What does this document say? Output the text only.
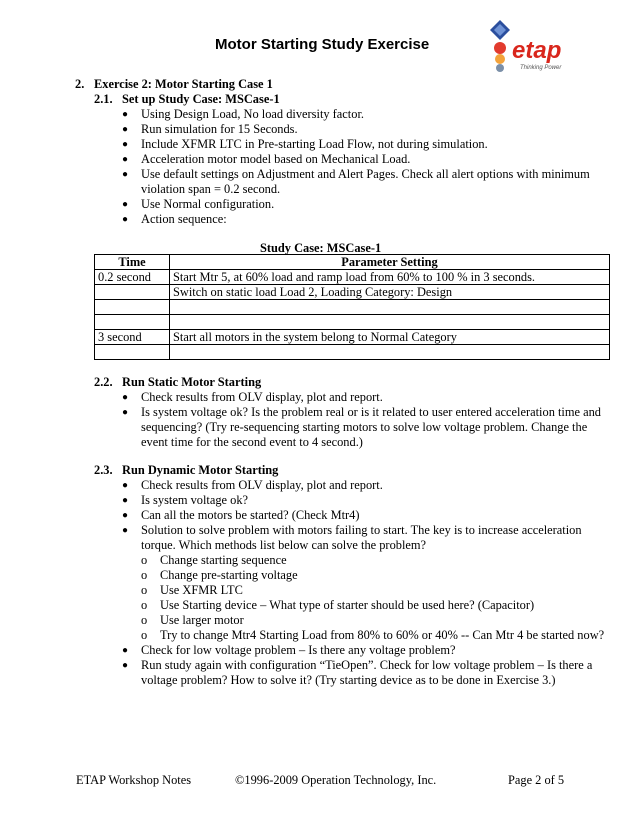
Motor Starting Study Exercise	etap
Thinking Power
2. Exercise 2: Motor Starting Case 1
2.1. Set up Study Case: MSCase-1
● Using Design Load, No load diversity factor.
● Run simulation for 15 Seconds.
● Include XFMR LTC in Pre-starting Load Flow, not during simulation.
● Acceleration motor model based on Mechanical Load.
● Use default settings on Adjustment and Alert Pages. Check all alert options with minimum
violation span = 0.2 second.
● Use Normal configuration.
● Action sequence:
Study Case: MSCase-1
Time	Parameter Setting
0.2 second	Start Mtr 5, at 60% load and ramp load from 60% to 100 % in 3 seconds.
	Switch on static load Load 2, Loading Category: Design

3 second	Start all motors in the system belong to Normal Category

2.2. Run Static Motor Starting
● Check results from OLV display, plot and report.
● Is system voltage ok? Is the problem real or is it related to user entered acceleration time and
sequencing? (Try re-sequencing starting motors to solve low voltage problem. Change the
event time for the second event to 4 second.)
2.3. Run Dynamic Motor Starting
● Check results from OLV display, plot and report.
● Is system voltage ok?
● Can all the motors be started? (Check Mtr4)
● Solution to solve problem with motors failing to start. The key is to increase acceleration
torque. Which methods list below can solve the problem?
o Change starting sequence
o Change pre-starting voltage
o Use XFMR LTC
o Use Starting device – What type of starter should be used here? (Capacitor)
o Use larger motor
o Try to change Mtr4 Starting Load from 80% to 60% or 40% -- Can Mtr 4 be started now?
● Check for low voltage problem – Is there any voltage problem?
● Run study again with configuration “TieOpen”. Check for low voltage problem – Is there a
voltage problem? How to solve it? (Try starting device as to be done in Exercise 3.)
ETAP Workshop Notes	©1996-2009 Operation Technology, Inc.	Page 2 of 5
